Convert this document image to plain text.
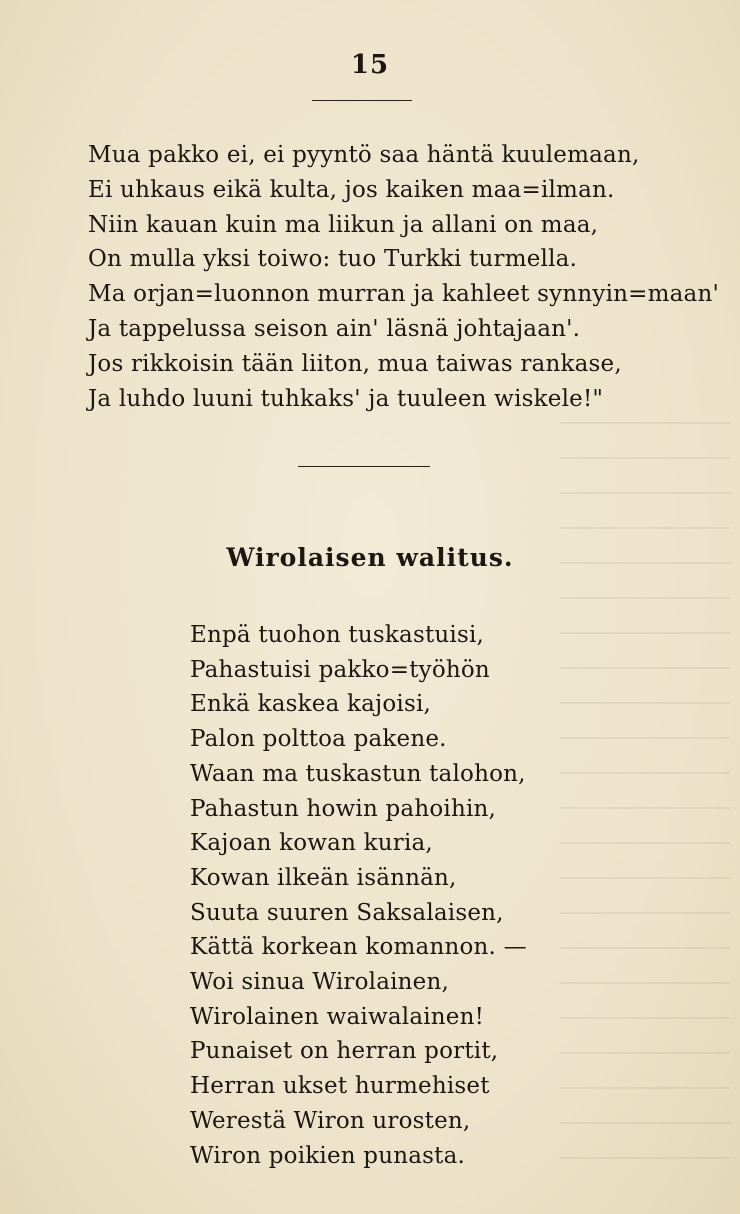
15
Mua pakko ei, ei pyyntö saa häntä kuulemaan,
Ei uhkaus eikä kulta, jos kaiken maa=ilman.
Niin kauan kuin ma liikun ja allani on maa,
On mulla yksi toiwo: tuo Turkki turmella.
Ma orjan=luonnon murran ja kahleet synnyin=maan'
Ja tappelussa seison ain' läsnä johtajaan'.
Jos rikkoisin tään liiton, mua taiwas rankase,
Ja luhdo luuni tuhkaks' ja tuuleen wiskele!"
Wirolaisen walitus.
Enpä tuohon tuskastuisi,
Pahastuisi pakko=työhön
Enkä kaskea kajoisi,
Palon polttoa pakene.
Waan ma tuskastun talohon,
Pahastun howin pahoihin,
Kajoan kowan kuria,
Kowan ilkeän isännän,
Suuta suuren Saksalaisen,
Kättä korkean komannon. —
Woi sinua Wirolainen,
Wirolainen waiwalainen!
Punaiset on herran portit,
Herran ukset hurmehiset
Werestä Wiron urosten,
Wiron poikien punasta.
